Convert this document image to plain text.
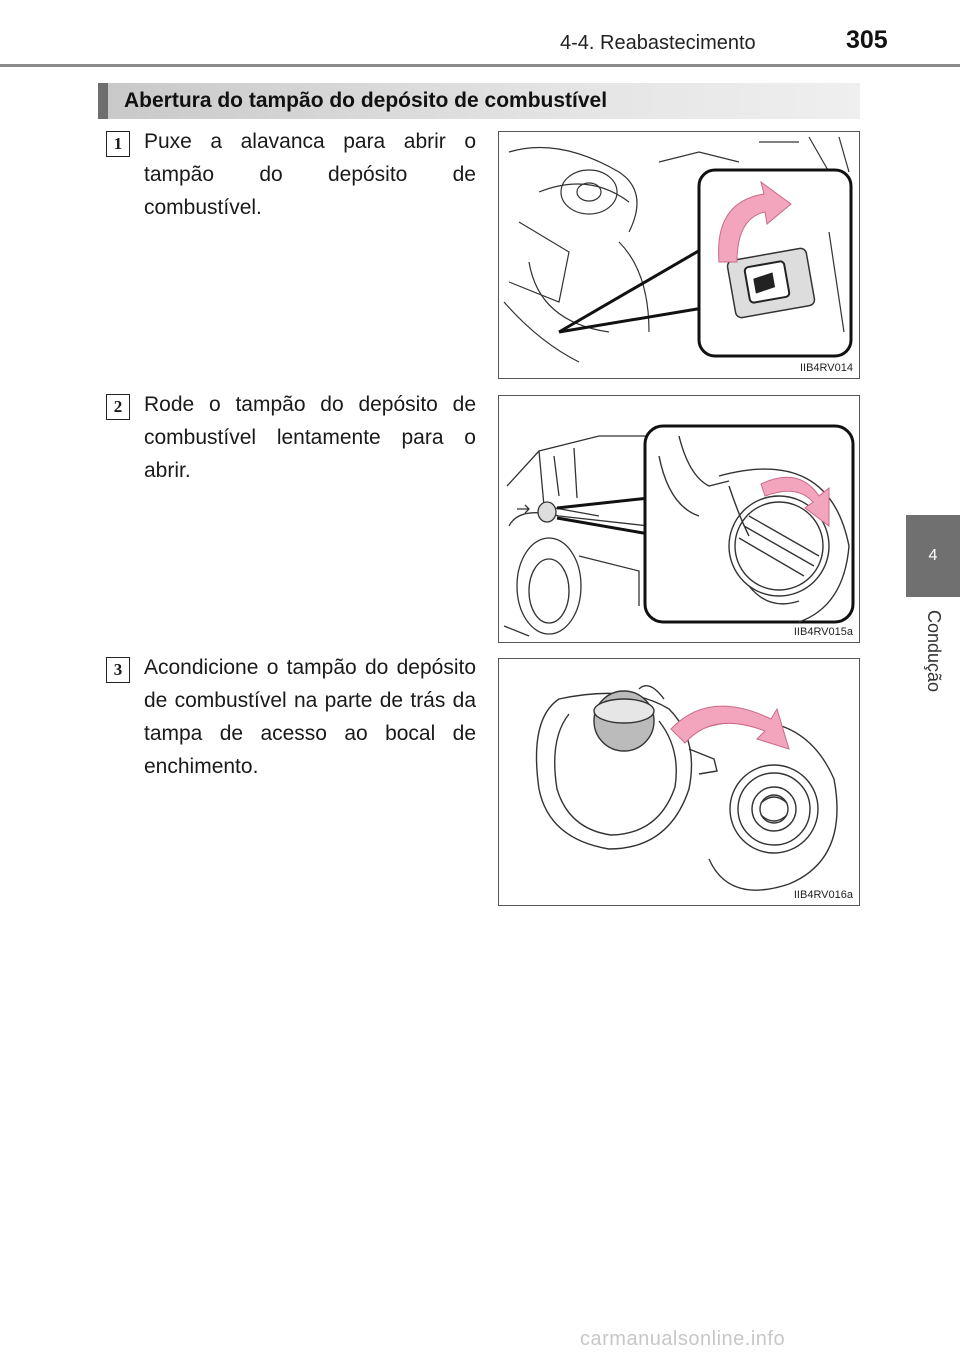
4-4. Reabastecimento	305
4
Condução
Abertura do tampão do depósito de combustível
1	Puxe a alavanca para abrir o tampão do depósito de combustível.
IIB4RV014
2	Rode o tampão do depósito de combustível lentamente para o abrir.
IIB4RV015a
3	Acondicione o tampão do depósito de combustível na parte de trás da tampa de acesso ao bocal de enchimento.
IIB4RV016a
carmanualsonline.info
